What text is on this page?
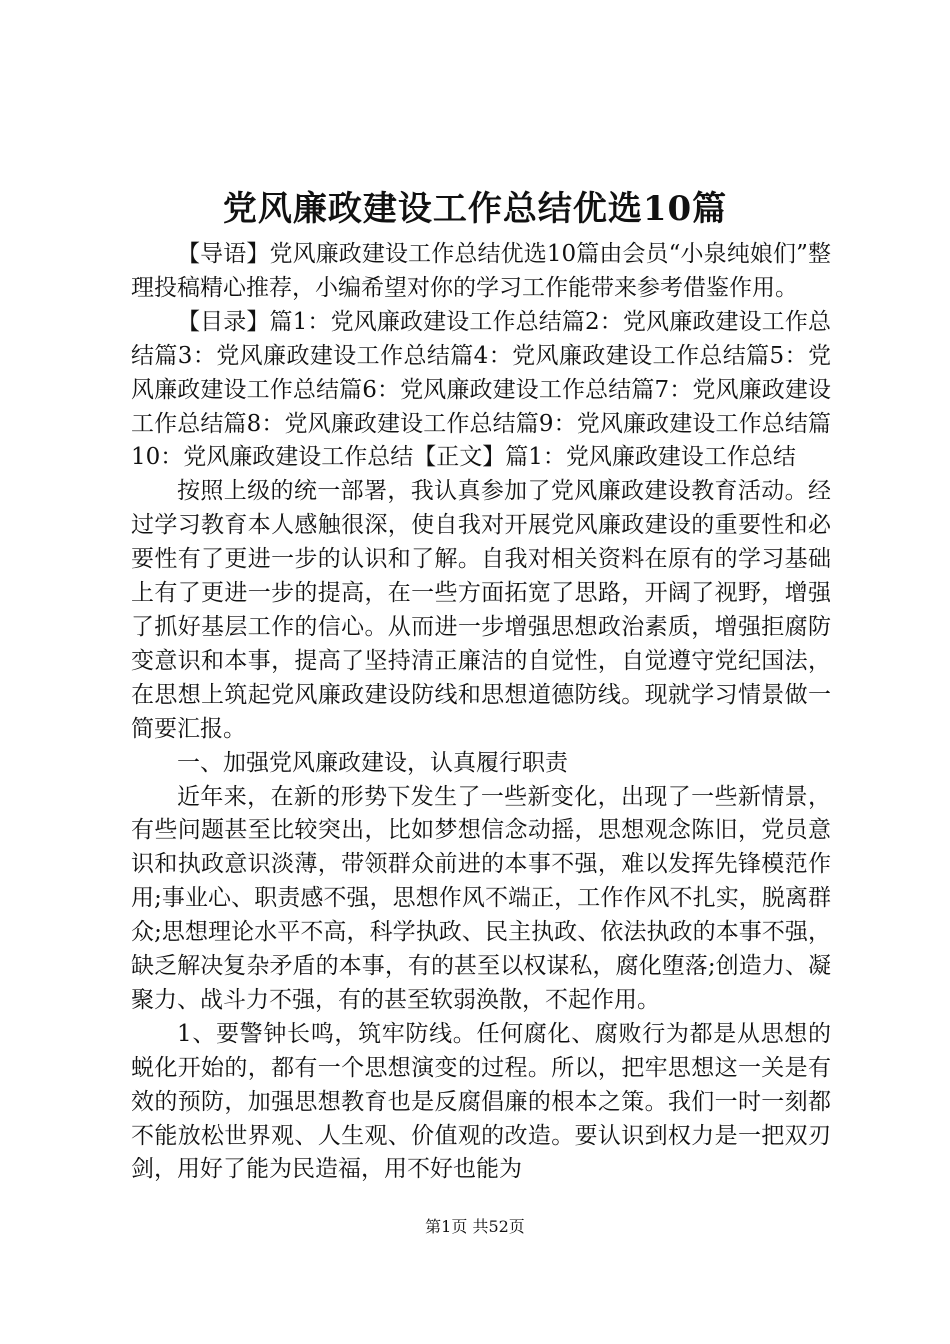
党风廉政建设工作总结优选10篇

【导语】党风廉政建设工作总结优选10篇由会员“小泉纯娘们”整理投稿精心推荐，小编希望对你的学习工作能带来参考借鉴作用。

【目录】篇1：党风廉政建设工作总结篇2：党风廉政建设工作总结篇3：党风廉政建设工作总结篇4：党风廉政建设工作总结篇5：党风廉政建设工作总结篇6：党风廉政建设工作总结篇7：党风廉政建设工作总结篇8：党风廉政建设工作总结篇9：党风廉政建设工作总结篇10：党风廉政建设工作总结【正文】篇1：党风廉政建设工作总结

按照上级的统一部署，我认真参加了党风廉政建设教育活动。经过学习教育本人感触很深，使自我对开展党风廉政建设的重要性和必要性有了更进一步的认识和了解。自我对相关资料在原有的学习基础上有了更进一步的提高，在一些方面拓宽了思路，开阔了视野，增强了抓好基层工作的信心。从而进一步增强思想政治素质，增强拒腐防变意识和本事，提高了坚持清正廉洁的自觉性，自觉遵守党纪国法，在思想上筑起党风廉政建设防线和思想道德防线。现就学习情景做一简要汇报。

一、加强党风廉政建设，认真履行职责

近年来，在新的形势下发生了一些新变化，出现了一些新情景，有些问题甚至比较突出，比如梦想信念动摇，思想观念陈旧，党员意识和执政意识淡薄，带领群众前进的本事不强，难以发挥先锋模范作用;事业心、职责感不强，思想作风不端正，工作作风不扎实，脱离群众;思想理论水平不高，科学执政、民主执政、依法执政的本事不强，缺乏解决复杂矛盾的本事，有的甚至以权谋私，腐化堕落;创造力、凝聚力、战斗力不强，有的甚至软弱涣散，不起作用。

1、要警钟长鸣，筑牢防线。任何腐化、腐败行为都是从思想的蜕化开始的，都有一个思想演变的过程。所以，把牢思想这一关是有效的预防，加强思想教育也是反腐倡廉的根本之策。我们一时一刻都不能放松世界观、人生观、价值观的改造。要认识到权力是一把双刃剑，用好了能为民造福，用不好也能为

第1页 共52页
